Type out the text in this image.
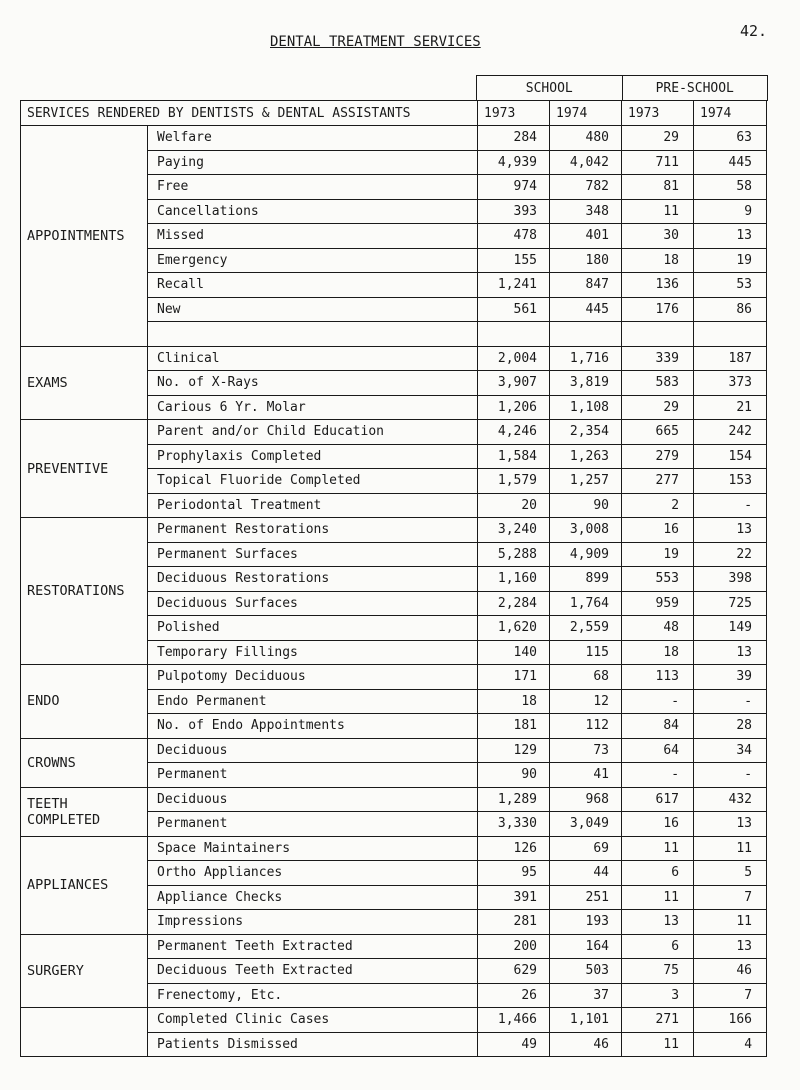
42.
DENTAL TREATMENT SERVICES
SCHOOL	PRE-SCHOOL
SERVICES RENDERED BY DENTISTS & DENTAL ASSISTANTS		1973	1974	1973	1974
APPOINTMENTS	Welfare	284	480	29	63
	Paying	4,939	4,042	711	445
	Free	974	782	81	58
	Cancellations	393	348	11	9
	Missed	478	401	30	13
	Emergency	155	180	18	19
	Recall	1,241	847	136	53
	New	561	445	176	86

EXAMS	Clinical	2,004	1,716	339	187
	No. of X-Rays	3,907	3,819	583	373
	Carious 6 Yr. Molar	1,206	1,108	29	21
PREVENTIVE	Parent and/or Child Education	4,246	2,354	665	242
	Prophylaxis Completed	1,584	1,263	279	154
	Topical Fluoride Completed	1,579	1,257	277	153
	Periodontal Treatment	20	90	2	-
RESTORATIONS	Permanent Restorations	3,240	3,008	16	13
	Permanent Surfaces	5,288	4,909	19	22
	Deciduous Restorations	1,160	899	553	398
	Deciduous Surfaces	2,284	1,764	959	725
	Polished	1,620	2,559	48	149
	Temporary Fillings	140	115	18	13
ENDO	Pulpotomy Deciduous	171	68	113	39
	Endo Permanent	18	12	-	-
	No. of Endo Appointments	181	112	84	28
CROWNS	Deciduous	129	73	64	34
	Permanent	90	41	-	-
TEETH COMPLETED	Deciduous	1,289	968	617	432
	Permanent	3,330	3,049	16	13
APPLIANCES	Space Maintainers	126	69	11	11
	Ortho Appliances	95	44	6	5
	Appliance Checks	391	251	11	7
	Impressions	281	193	13	11
SURGERY	Permanent Teeth Extracted	200	164	6	13
	Deciduous Teeth Extracted	629	503	75	46
	Frenectomy, Etc.	26	37	3	7
	Completed Clinic Cases	1,466	1,101	271	166
	Patients Dismissed	49	46	11	4
